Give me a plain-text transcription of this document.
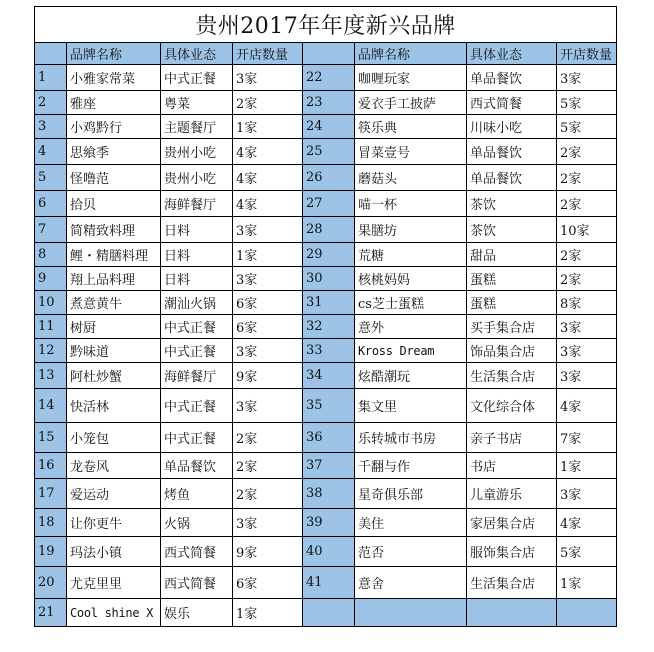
贵州2017年年度新兴品牌							
	品牌名称	具体业态	开店数量		品牌名称	具体业态	开店数量
1	小雅家常菜	中式正餐	3家	22	咖喱玩家	单品餐饮	3家
2	雅座	粤菜	2家	23	爱衣手工披萨	西式简餐	5家
3	小鸡黔行	主题餐厅	1家	24	筷乐典	川味小吃	5家
4	思飨季	贵州小吃	4家	25	冒菜壹号	单品餐饮	2家
5	怪噜范	贵州小吃	4家	26	蘑菇头	单品餐饮	2家
6	拾贝	海鲜餐厅	4家	27	喵一杯	茶饮	2家
7	简精致料理	日料	3家	28	果膳坊	茶饮	10家
8	鲤・精膳料理	日料	1家	29	荒糖	甜品	2家
9	翔上品料理	日料	3家	30	核桃妈妈	蛋糕	2家
10	煮意黄牛	潮汕火锅	6家	31	cs芝士蛋糕	蛋糕	8家
11	树厨	中式正餐	6家	32	意外	买手集合店	3家
12	黔味道	中式正餐	3家	33	Kross Dream	饰品集合店	3家
13	阿杜炒蟹	海鲜餐厅	9家	34	炫酷潮玩	生活集合店	3家
14	快活林	中式正餐	3家	35	集文里	文化综合体	4家
15	小笼包	中式正餐	2家	36	乐转城市书房	亲子书店	7家
16	龙卷风	单品餐饮	2家	37	千翻与作	书店	1家
17	爱运动	烤鱼	2家	38	星奇俱乐部	儿童游乐	3家
18	让你更牛	火锅	3家	39	美住	家居集合店	4家
19	玛法小镇	西式简餐	9家	40	范否	服饰集合店	5家
20	尤克里里	西式简餐	6家	41	意舍	生活集合店	1家
21	Cool shine X	娱乐	1家				
